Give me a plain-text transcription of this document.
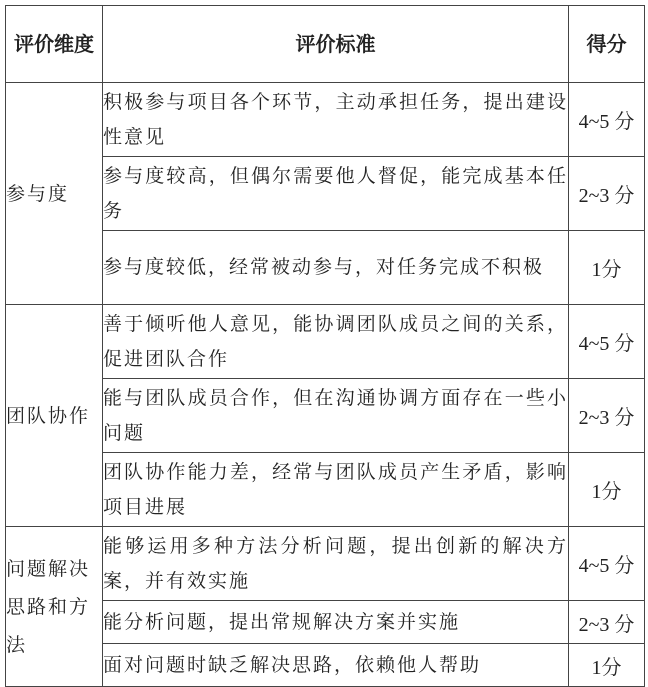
评价维度	评价标准	得分
参与度	积极参与项目各个环节，主动承担任务，提出建设性意见	4~5 分
	参与度较高，但偶尔需要他人督促，能完成基本任务	2~3 分
	参与度较低，经常被动参与，对任务完成不积极	1分
团队协作	善于倾听他人意见，能协调团队成员之间的关系，促进团队合作	4~5 分
	能与团队成员合作，但在沟通协调方面存在一些小问题	2~3 分
	团队协作能力差，经常与团队成员产生矛盾，影响项目进展	1分
问题解决思路和方法	能够运用多种方法分析问题，提出创新的解决方案，并有效实施	4~5 分
	能分析问题，提出常规解决方案并实施	2~3 分
	面对问题时缺乏解决思路，依赖他人帮助	1分
